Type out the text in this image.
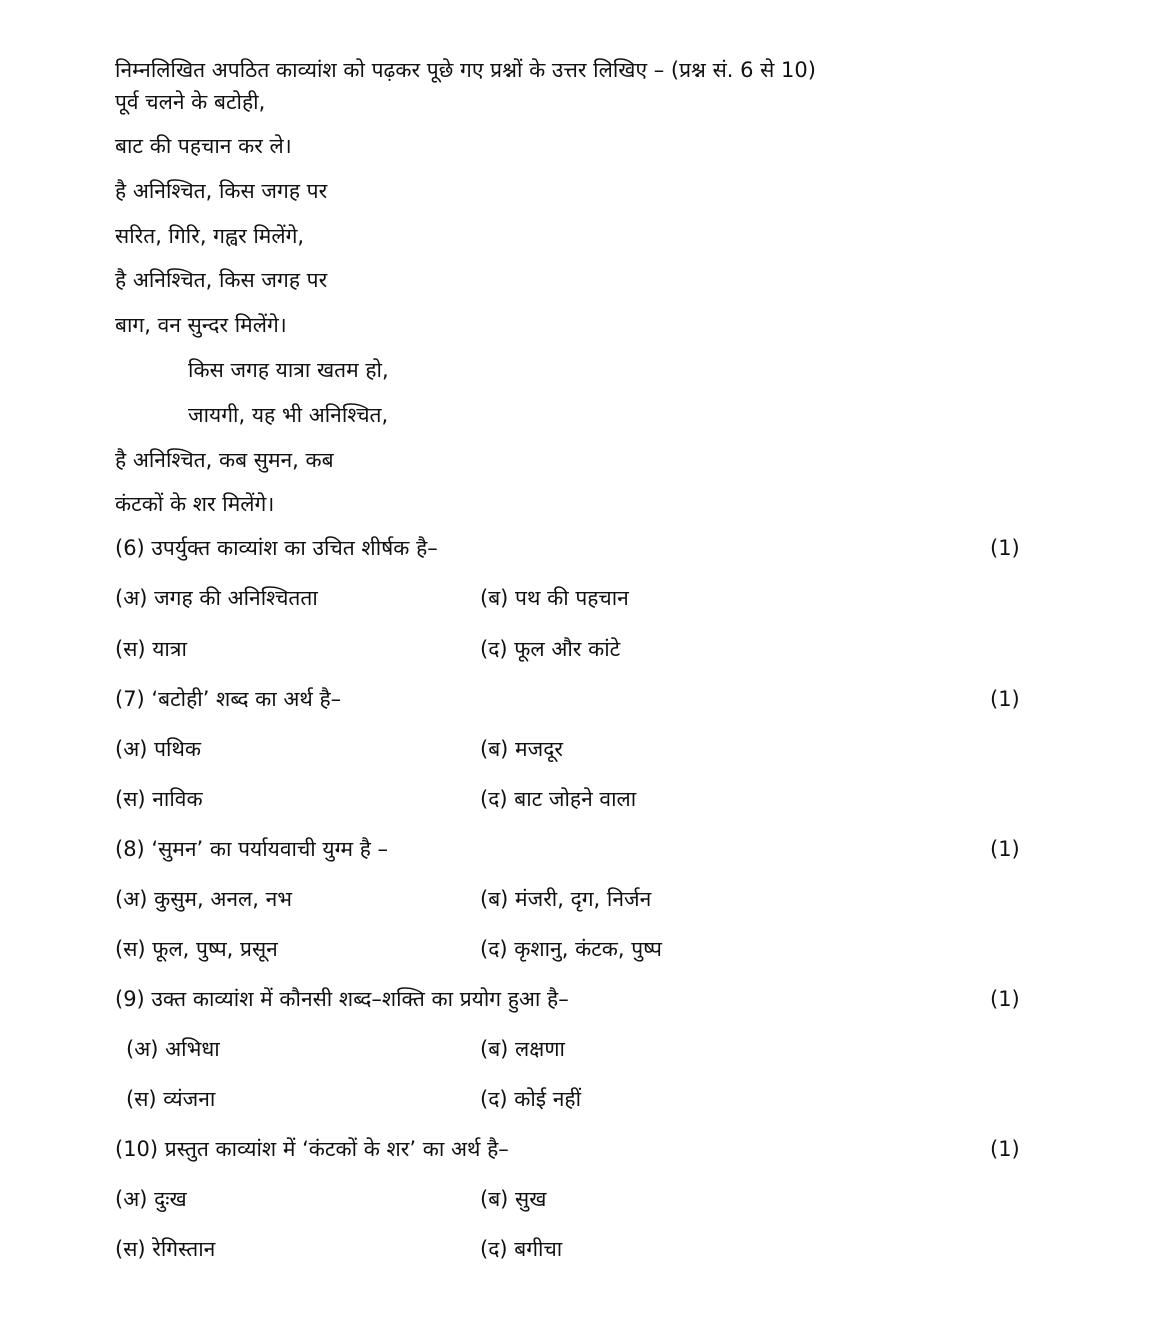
निम्नलिखित अपठित काव्यांश को पढ़कर पूछे गए प्रश्नों के उत्तर लिखिए – (प्रश्न सं. 6 से 10)
पूर्व चलने के बटोही,
बाट की पहचान कर ले।
है अनिश्चित, किस जगह पर
सरित, गिरि, गह्वर मिलेंगे,
है अनिश्चित, किस जगह पर
बाग, वन सुन्दर मिलेंगे।
किस जगह यात्रा खतम हो,
जायगी, यह भी अनिश्चित,
है अनिश्चित, कब सुमन, कब
कंटकों के शर मिलेंगे।
(6) उपर्युक्त काव्यांश का उचित शीर्षक है–	(1)
(अ) जगह की अनिश्चितता	(ब) पथ की पहचान
(स) यात्रा	(द) फूल और कांटे
(7) ‘बटोही’ शब्द का अर्थ है–	(1)
(अ) पथिक	(ब) मजदूर
(स) नाविक	(द) बाट जोहने वाला
(8) ‘सुमन’ का पर्यायवाची युग्म है –	(1)
(अ) कुसुम, अनल, नभ	(ब) मंजरी, दृग, निर्जन
(स) फूल, पुष्प, प्रसून	(द) कृशानु, कंटक, पुष्प
(9) उक्त काव्यांश में कौनसी शब्द–शक्ति का प्रयोग हुआ है–	(1)
(अ) अभिधा	(ब) लक्षणा
(स) व्यंजना	(द) कोई नहीं
(10) प्रस्तुत काव्यांश में ‘कंटकों के शर’ का अर्थ है–	(1)
(अ) दुःख	(ब) सुख
(स) रेगिस्तान	(द) बगीचा
